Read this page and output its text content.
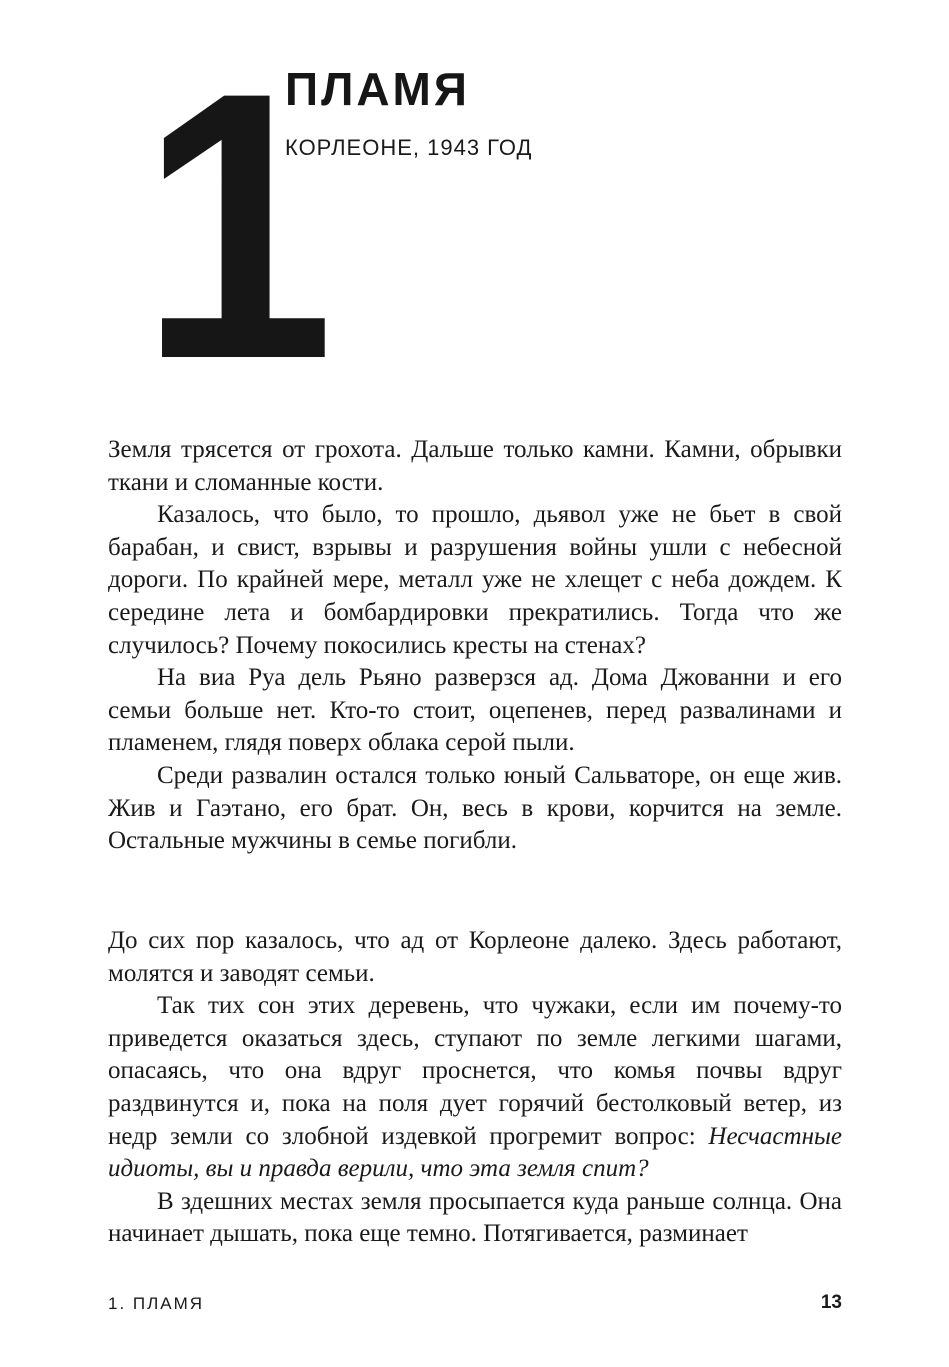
1
ПЛАМЯ
КОРЛЕОНЕ, 1943 ГОД

Земля трясется от грохота. Дальше только камни. Камни, обрывки ткани и сломанные кости.

Казалось, что было, то прошло, дьявол уже не бьет в свой барабан, и свист, взрывы и разрушения войны ушли с небесной дороги. По крайней мере, металл уже не хлещет с неба дождем. К середине лета и бомбардировки прекратились. Тогда что же случилось? Почему покосились кресты на стенах?

На виа Руа дель Рьяно разверзся ад. Дома Джованни и его семьи больше нет. Кто-то стоит, оцепенев, перед развалинами и пламенем, глядя поверх облака серой пыли.

Среди развалин остался только юный Сальваторе, он еще жив. Жив и Гаэтано, его брат. Он, весь в крови, корчится на земле. Остальные мужчины в семье погибли.

До сих пор казалось, что ад от Корлеоне далеко. Здесь работают, молятся и заводят семьи.

Так тих сон этих деревень, что чужаки, если им почему-то приведется оказаться здесь, ступают по земле легкими шагами, опасаясь, что она вдруг проснется, что комья почвы вдруг раздвинутся и, пока на поля дует горячий бестолковый ветер, из недр земли со злобной издевкой прогремит вопрос: Несчастные идиоты, вы и правда верили, что эта земля спит?

В здешних местах земля просыпается куда раньше солнца. Она начинает дышать, пока еще темно. Потягивается, разминает

1. ПЛАМЯ	13
